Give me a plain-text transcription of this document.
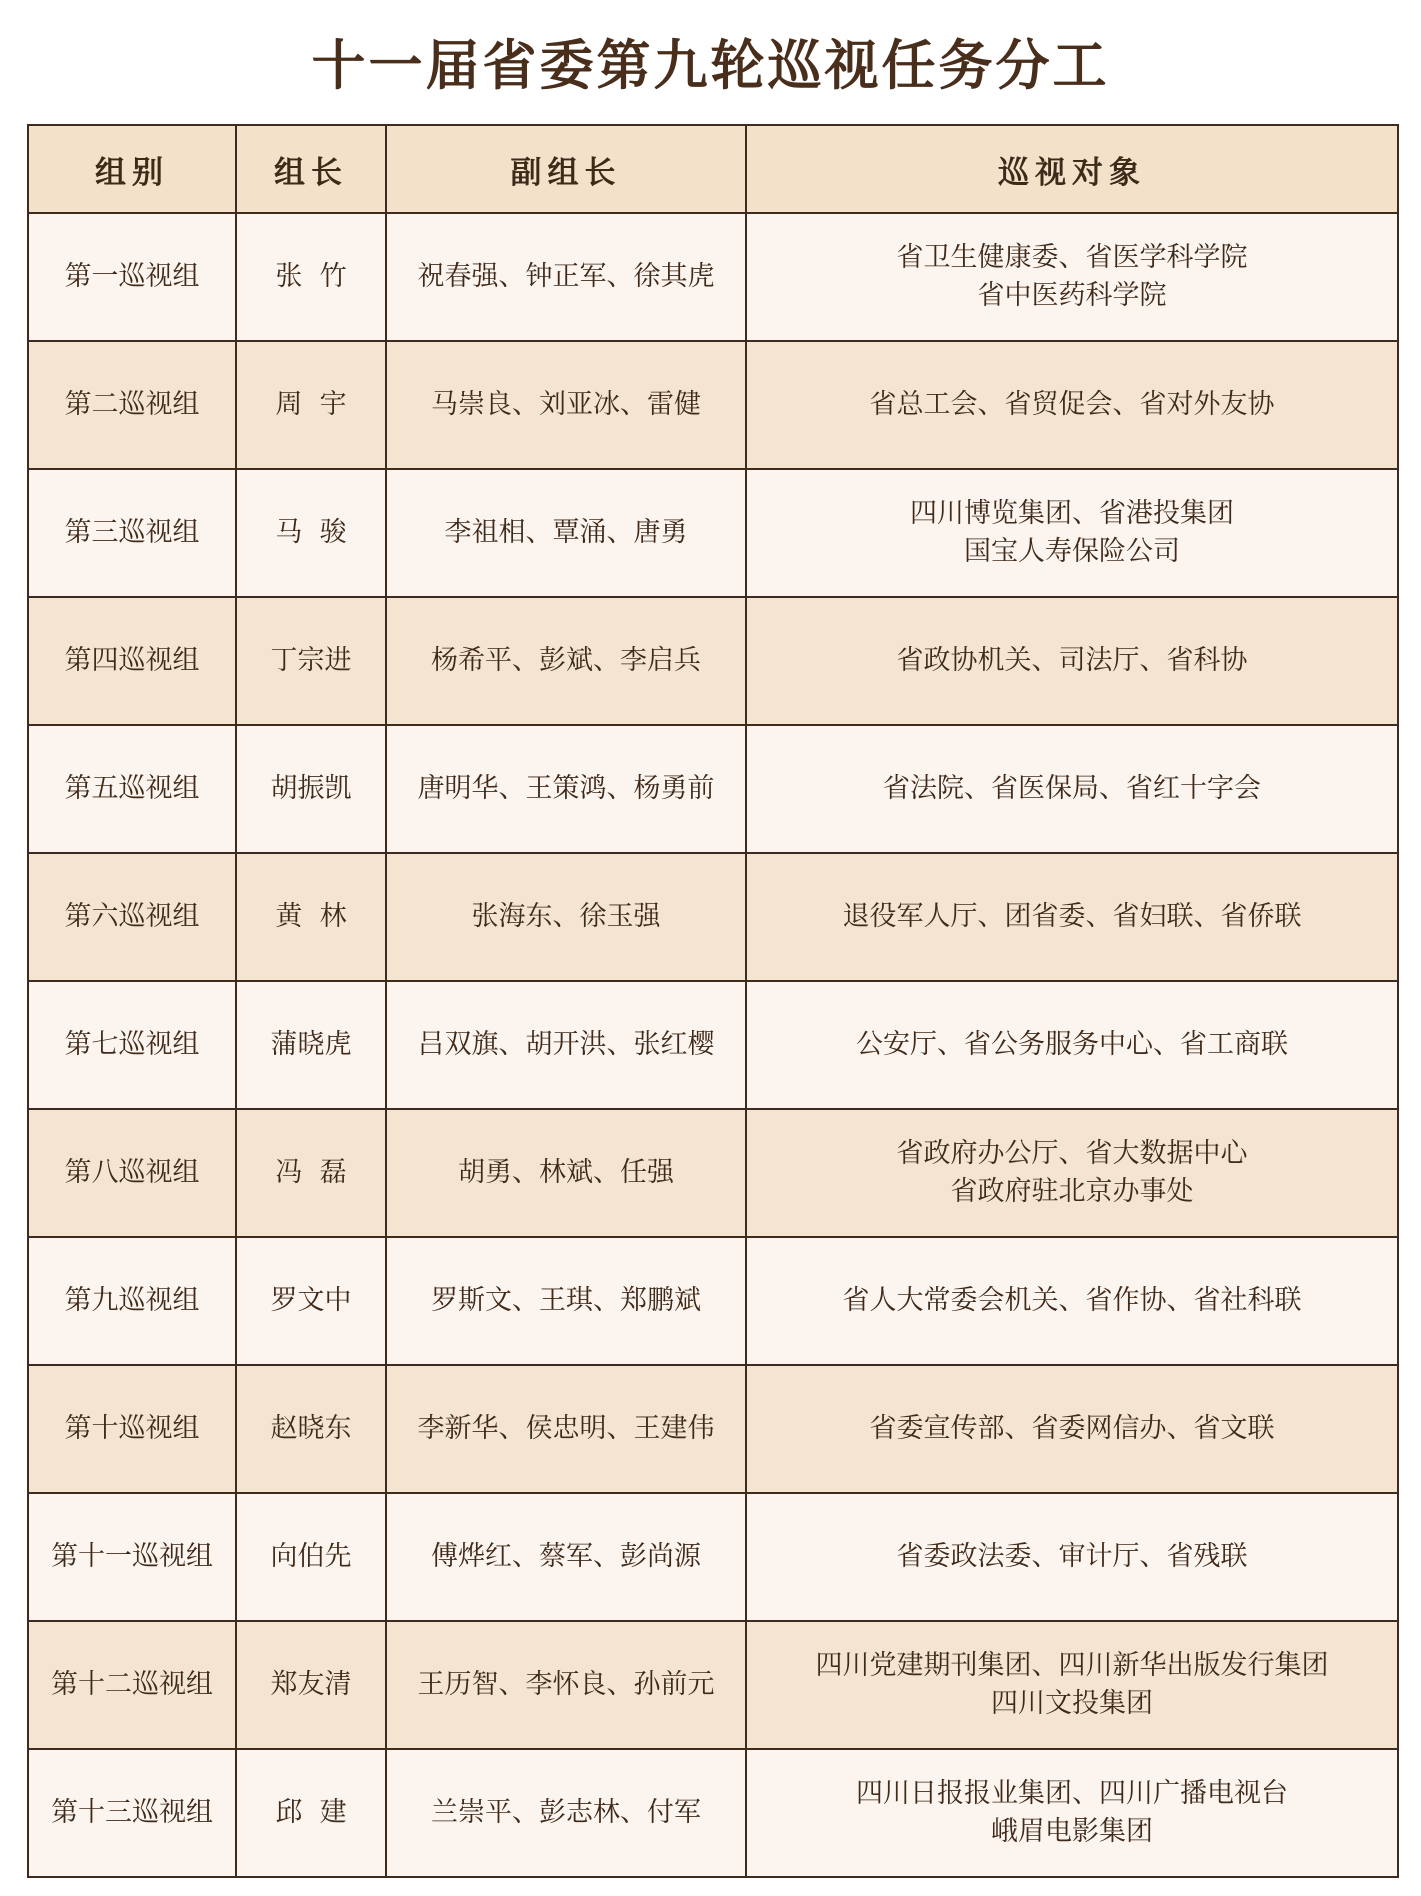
十一届省委第九轮巡视任务分工
组别	组长	副组长	巡视对象
第一巡视组	张  竹	祝春强、钟正军、徐其虎	省卫生健康委、省医学科学院
省中医药科学院

第二巡视组	周  宇	马崇良、刘亚冰、雷健	省总工会、省贸促会、省对外友协

第三巡视组	马  骏	李祖相、覃涌、唐勇	四川博览集团、省港投集团
国宝人寿保险公司

第四巡视组	丁宗进	杨希平、彭斌、李启兵	省政协机关、司法厅、省科协

第五巡视组	胡振凯	唐明华、王策鸿、杨勇前	省法院、省医保局、省红十字会

第六巡视组	黄  林	张海东、徐玉强	退役军人厅、团省委、省妇联、省侨联

第七巡视组	蒲晓虎	吕双旗、胡开洪、张红樱	公安厅、省公务服务中心、省工商联

第八巡视组	冯  磊	胡勇、林斌、任强	省政府办公厅、省大数据中心
省政府驻北京办事处

第九巡视组	罗文中	罗斯文、王琪、郑鹏斌	省人大常委会机关、省作协、省社科联

第十巡视组	赵晓东	李新华、侯忠明、王建伟	省委宣传部、省委网信办、省文联

第十一巡视组	向伯先	傅烨红、蔡军、彭尚源	省委政法委、审计厅、省残联

第十二巡视组	郑友清	王历智、李怀良、孙前元	四川党建期刊集团、四川新华出版发行集团
四川文投集团

第十三巡视组	邱  建	兰崇平、彭志林、付军	四川日报报业集团、四川广播电视台
峨眉电影集团
